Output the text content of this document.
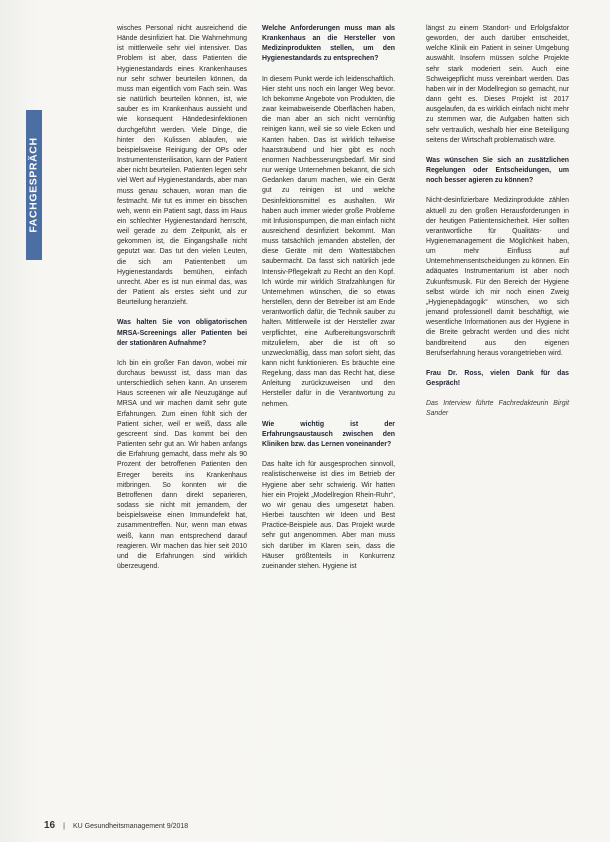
FACHGESPRÄCH

wisches Personal nicht ausreichend die Hände desinfiziert hat. Die Wahrnehmung ist mittlerweile sehr viel intensiver. Das Problem ist aber, dass Patienten die Hygienestandards eines Krankenhauses nur sehr schwer beurteilen können, da muss man eigentlich vom Fach sein. Was sie natürlich beurteilen können, ist, wie sauber es im Krankenhaus aussieht und wie konsequent Händedesinfektionen durchgeführt werden. Viele Dinge, die hinter den Kulissen ablaufen, wie beispielsweise Reinigung der OPs oder Instrumentensterilisation, kann der Patient aber nicht beurteilen. Patienten legen sehr viel Wert auf Hygienestandards, aber man muss genau schauen, woran man die festmacht. Mir tut es immer ein bisschen weh, wenn ein Patient sagt, dass im Haus ein schlechter Hygienestandard herrscht, weil gerade zu dem Zeitpunkt, als er gekommen ist, die Eingangshalle nicht geputzt war. Das tut den vielen Leuten, die sich am Patientenbett um Hygienestandards bemühen, einfach unrecht. Aber es ist nun einmal das, was der Patient als erstes sieht und zur Beurteilung heranzieht.

Was halten Sie von obligatorischen MRSA-Screenings aller Patienten bei der stationären Aufnahme?

Ich bin ein großer Fan davon, wobei mir durchaus bewusst ist, dass man das unterschiedlich sehen kann. An unserem Haus screenen wir alle Neuzugänge auf MRSA und wir machen damit sehr gute Erfahrungen. Zum einen fühlt sich der Patient sicher, weil er weiß, dass alle gescreent sind. Das kommt bei den Patienten sehr gut an. Wir haben anfangs die Erfahrung gemacht, dass mehr als 90 Prozent der betroffenen Patienten den Erreger bereits ins Krankenhaus mitbringen. So konnten wir die Betroffenen dann direkt separieren, sodass sie nicht mit jemandem, der beispielsweise einen Immundefekt hat, zusammentreffen. Nur, wenn man etwas weiß, kann man entsprechend darauf reagieren. Wir machen das hier seit 2010 und die Erfahrungen sind wirklich überzeugend.

Welche Anforderungen muss man als Krankenhaus an die Hersteller von Medizinprodukten stellen, um den Hygienestandards zu entsprechen?

In diesem Punkt werde ich leidenschaftlich. Hier steht uns noch ein langer Weg bevor. Ich bekomme Angebote von Produkten, die zwar keimabweisende Oberflächen haben, die man aber an sich nicht vernünftig reinigen kann, weil sie so viele Ecken und Kanten haben. Das ist wirklich teilweise haarsträubend und hier gibt es noch enormen Nachbesserungsbedarf. Mir sind nur wenige Unternehmen bekannt, die sich Gedanken darum machen, wie ein Gerät gut zu reinigen ist und welche Desinfektionsmittel es aushalten. Wir haben auch immer wieder große Probleme mit Infusionspumpen, die man einfach nicht ausreichend desinfiziert bekommt. Man muss tatsächlich jemanden abstellen, der diese Geräte mit dem Wattestäbchen saubermacht. Da fasst sich natürlich jede Intensiv-Pflegekraft zu Recht an den Kopf. Ich würde mir wirklich Strafzahlungen für Unternehmen wünschen, die so etwas herstellen, denn der Betreiber ist am Ende verantwortlich dafür, die Technik sauber zu halten. Mittlerweile ist der Hersteller zwar verpflichtet, eine Aufbereitungsvorschrift mitzuliefern, aber die ist oft so unzweckmäßig, dass man sofort sieht, das kann nicht funktionieren. Es bräuchte eine Regelung, dass man das Recht hat, diese Anleitung zurückzuweisen und den Hersteller dafür in die Verantwortung zu nehmen.

Wie wichtig ist der Erfahrungsaustausch zwischen den Kliniken bzw. das Lernen voneinander?

Das halte ich für ausgesprochen sinnvoll, realistischerweise ist dies im Betrieb der Hygiene aber sehr schwierig. Wir hatten hier ein Projekt „Modellregion Rhein-Ruhr“, wo wir genau dies umgesetzt haben. Hierbei tauschten wir Ideen und Best Practice-Beispiele aus. Das Projekt wurde sehr gut angenommen. Aber man muss sich darüber im Klaren sein, dass die Häuser größtenteils in Konkurrenz zueinander stehen. Hygiene ist

längst zu einem Standort- und Erfolgsfaktor geworden, der auch darüber entscheidet, welche Klinik ein Patient in seiner Umgebung auswählt. Insofern müssen solche Projekte sehr stark moderiert sein. Auch eine Schweigepflicht muss vereinbart werden. Das haben wir in der Modellregion so gemacht, nur dann geht es. Dieses Projekt ist 2017 ausgelaufen, da es wirklich einfach nicht mehr zu stemmen war, die Aufgaben hatten sich sehr vertraulich, weshalb hier eine Beteiligung seitens der Wirtschaft problematisch wäre.

Was wünschen Sie sich an zusätzlichen Regelungen oder Entscheidungen, um noch besser agieren zu können?

Nicht-desinfizierbare Medizinprodukte zählen aktuell zu den großen Herausforderungen in der heutigen Patientensicherheit. Hier sollten verantwortliche für Qualitäts- und Hygienemanagement die Möglichkeit haben, um mehr Einfluss auf Unternehmensentscheidungen zu können. Ein adäquates Instrumentarium ist aber noch Zukunftsmusik. Für den Bereich der Hygiene selbst würde ich mir noch einen Zweig „Hygienepädagogik“ wünschen, wo sich jemand professionell damit beschäftigt, wie wesentliche Informationen aus der Hygiene in die Breite gebracht werden und dies nicht bandbreitend aus den eigenen Berufserfahrung heraus vorangetrieben wird.

Frau Dr. Ross, vielen Dank für das Gespräch!

Das Interview führte Fachredakteurin Birgit Sander

16 | KU Gesundheitsmanagement 9/2018
